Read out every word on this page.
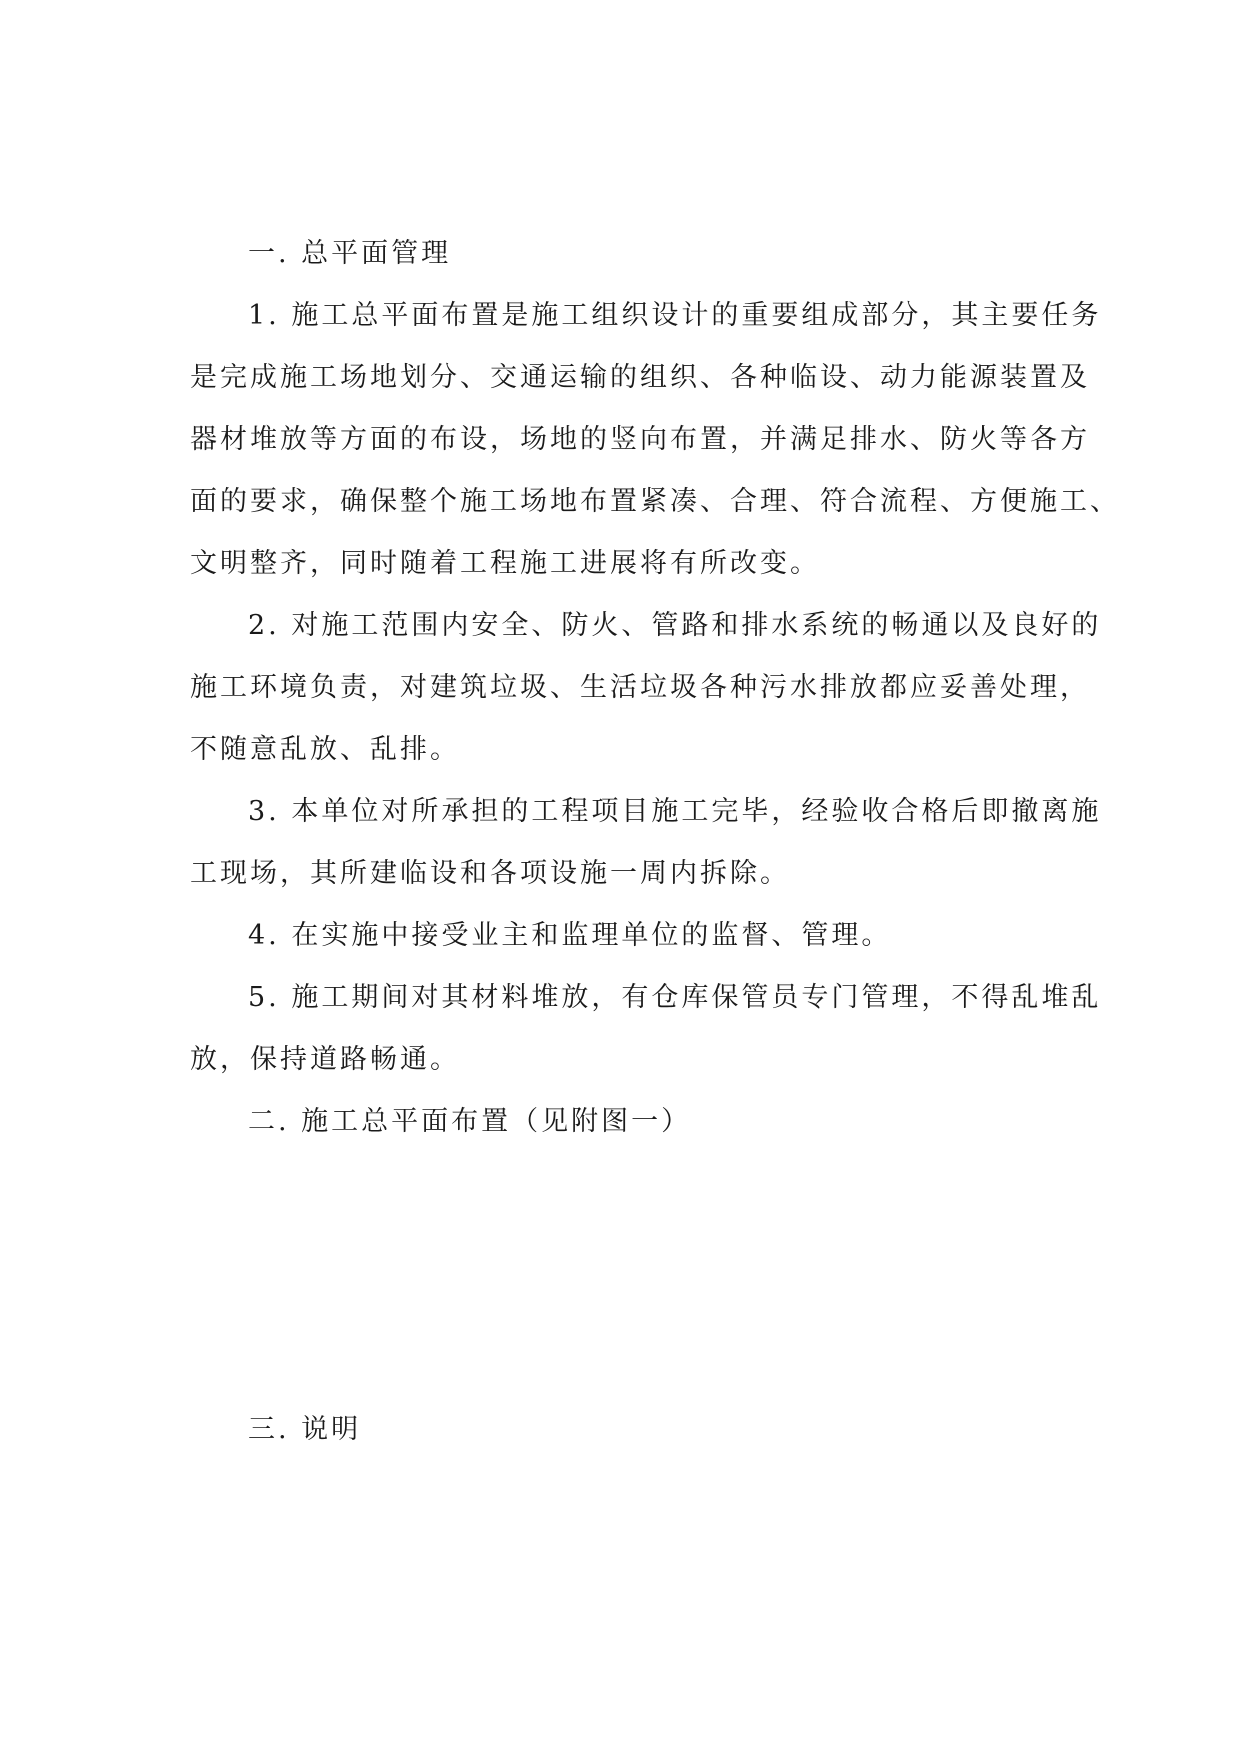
一. 总平面管理
1. 施工总平面布置是施工组织设计的重要组成部分，其主要任务
是完成施工场地划分、交通运输的组织、各种临设、动力能源装置及
器材堆放等方面的布设，场地的竖向布置，并满足排水、防火等各方
面的要求，确保整个施工场地布置紧凑、合理、符合流程、方便施工、
文明整齐，同时随着工程施工进展将有所改变。
2. 对施工范围内安全、防火、管路和排水系统的畅通以及良好的
施工环境负责，对建筑垃圾、生活垃圾各种污水排放都应妥善处理，
不随意乱放、乱排。
3. 本单位对所承担的工程项目施工完毕，经验收合格后即撤离施
工现场，其所建临设和各项设施一周内拆除。
4. 在实施中接受业主和监理单位的监督、管理。
5. 施工期间对其材料堆放，有仓库保管员专门管理，不得乱堆乱
放，保持道路畅通。
二. 施工总平面布置（见附图一）
三. 说明
